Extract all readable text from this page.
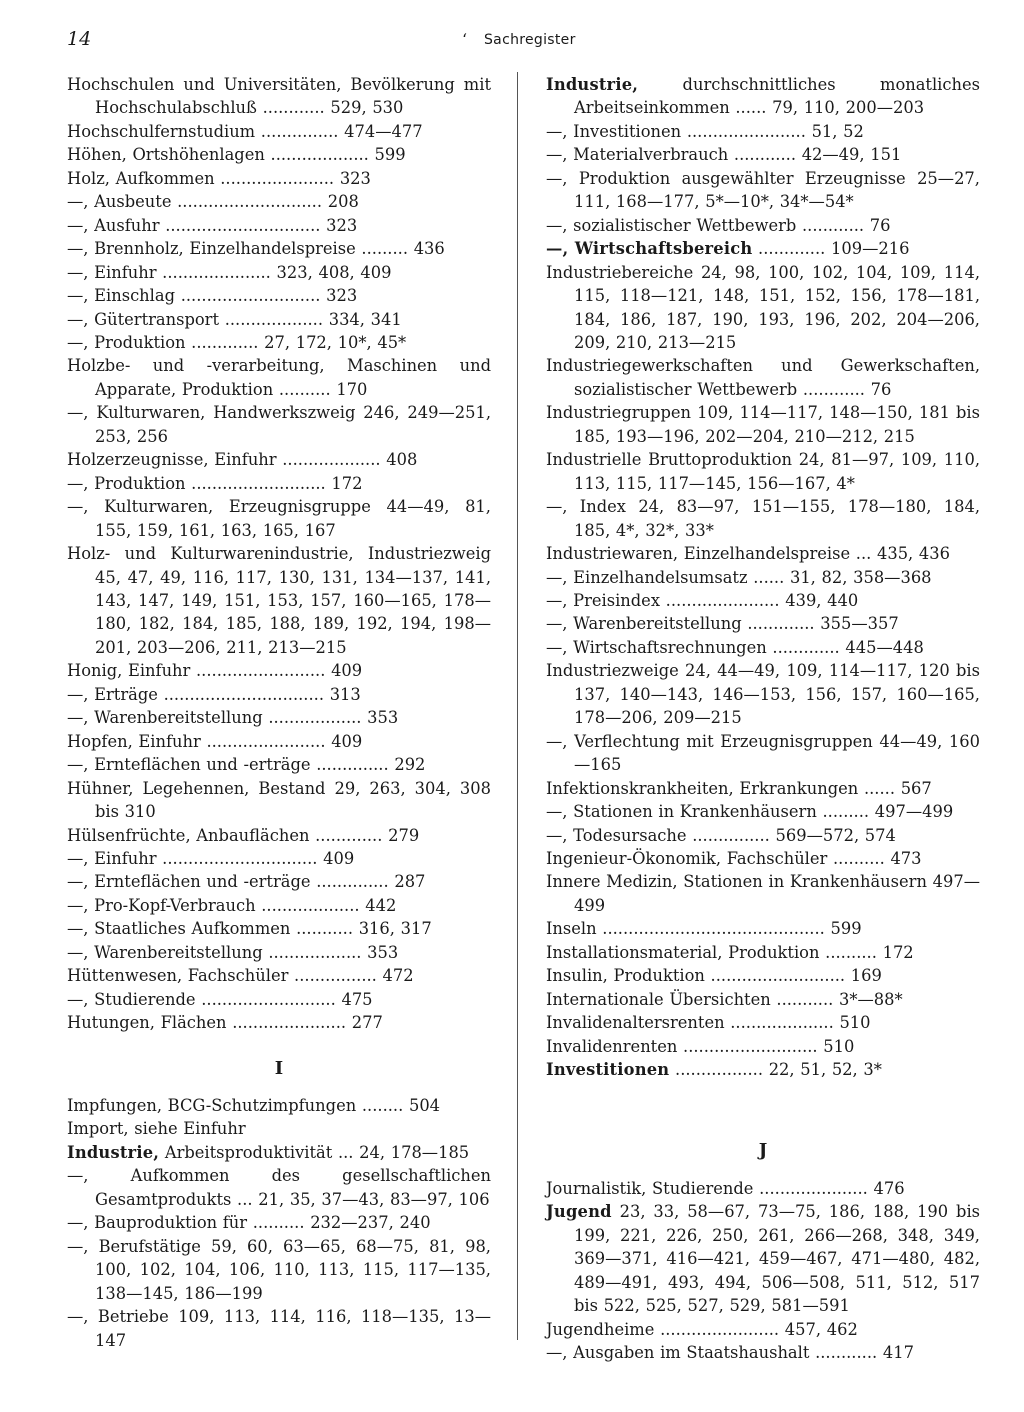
14	‘ Sachregister
Hochschulen und Universitäten, Bevölkerung mit Hochschulabschluß ............ 529, 530
Hochschulfernstudium ............... 474—477
Höhen, Ortshöhenlagen ................... 599
Holz, Aufkommen ...................... 323
—, Ausbeute ............................ 208
—, Ausfuhr .............................. 323
—, Brennholz, Einzelhandelspreise ......... 436
—, Einfuhr ..................... 323, 408, 409
—, Einschlag ........................... 323
—, Gütertransport ................... 334, 341
—, Produktion ............. 27, 172, 10*, 45*
Holzbe- und -verarbeitung, Maschinen und Apparate, Produktion .......... 170
—, Kulturwaren, Handwerkszweig 246, 249—251, 253, 256
Holzerzeugnisse, Einfuhr ................... 408
—, Produktion .......................... 172
—, Kulturwaren, Erzeugnisgruppe 44—49, 81, 155, 159, 161, 163, 165, 167
Holz- und Kulturwarenindustrie, Industriezweig 45, 47, 49, 116, 117, 130, 131, 134—137, 141, 143, 147, 149, 151, 153, 157, 160—165, 178—180, 182, 184, 185, 188, 189, 192, 194, 198—201, 203—206, 211, 213—215
Honig, Einfuhr ......................... 409
—, Erträge ............................... 313
—, Warenbereitstellung .................. 353
Hopfen, Einfuhr ....................... 409
—, Ernteflächen und -erträge .............. 292
Hühner, Legehennen, Bestand 29, 263, 304, 308 bis 310
Hülsenfrüchte, Anbauflächen ............. 279
—, Einfuhr .............................. 409
—, Ernteflächen und -erträge .............. 287
—, Pro-Kopf-Verbrauch ................... 442
—, Staatliches Aufkommen ........... 316, 317
—, Warenbereitstellung .................. 353
Hüttenwesen, Fachschüler ................ 472
—, Studierende .......................... 475
Hutungen, Flächen ...................... 277
I
Impfungen, BCG-Schutzimpfungen ........ 504
Import, siehe Einfuhr
Industrie, Arbeitsproduktivität ... 24, 178—185
—, Aufkommen des gesellschaftlichen Gesamtprodukts ... 21, 35, 37—43, 83—97, 106
—, Bauproduktion für .......... 232—237, 240
—, Berufstätige 59, 60, 63—65, 68—75, 81, 98, 100, 102, 104, 106, 110, 113, 115, 117—135, 138—145, 186—199
—, Betriebe 109, 113, 114, 116, 118—135, 13—147
Industrie, durchschnittliches monatliches Arbeitseinkommen ...... 79, 110, 200—203
—, Investitionen ....................... 51, 52
—, Materialverbrauch ............ 42—49, 151
—, Produktion ausgewählter Erzeugnisse 25—27, 111, 168—177, 5*—10*, 34*—54*
—, sozialistischer Wettbewerb ............ 76
—, Wirtschaftsbereich ............. 109—216
Industriebereiche 24, 98, 100, 102, 104, 109, 114, 115, 118—121, 148, 151, 152, 156, 178—181, 184, 186, 187, 190, 193, 196, 202, 204—206, 209, 210, 213—215
Industriegewerkschaften und Gewerkschaften, sozialistischer Wettbewerb ............ 76
Industriegruppen 109, 114—117, 148—150, 181 bis 185, 193—196, 202—204, 210—212, 215
Industrielle Bruttoproduktion 24, 81—97, 109, 110, 113, 115, 117—145, 156—167, 4*
—, Index 24, 83—97, 151—155, 178—180, 184, 185, 4*, 32*, 33*
Industriewaren, Einzelhandelspreise ... 435, 436
—, Einzelhandelsumsatz ...... 31, 82, 358—368
—, Preisindex ...................... 439, 440
—, Warenbereitstellung ............. 355—357
—, Wirtschaftsrechnungen ............. 445—448
Industriezweige 24, 44—49, 109, 114—117, 120 bis 137, 140—143, 146—153, 156, 157, 160—165, 178—206, 209—215
—, Verflechtung mit Erzeugnisgruppen 44—49, 160—165
Infektionskrankheiten, Erkrankungen ...... 567
—, Stationen in Krankenhäusern ......... 497—499
—, Todesursache ............... 569—572, 574
Ingenieur-Ökonomik, Fachschüler .......... 473
Innere Medizin, Stationen in Krankenhäusern 497—499
Inseln ........................................... 599
Installationsmaterial, Produktion .......... 172
Insulin, Produktion .......................... 169
Internationale Übersichten ........... 3*—88*
Invalidenaltersrenten .................... 510
Invalidenrenten .......................... 510
Investitionen ................. 22, 51, 52, 3*
J
Journalistik, Studierende ..................... 476
Jugend 23, 33, 58—67, 73—75, 186, 188, 190 bis 199, 221, 226, 250, 261, 266—268, 348, 349, 369—371, 416—421, 459—467, 471—480, 482, 489—491, 493, 494, 506—508, 511, 512, 517 bis 522, 525, 527, 529, 581—591
Jugendheime ....................... 457, 462
—, Ausgaben im Staatshaushalt ............ 417
